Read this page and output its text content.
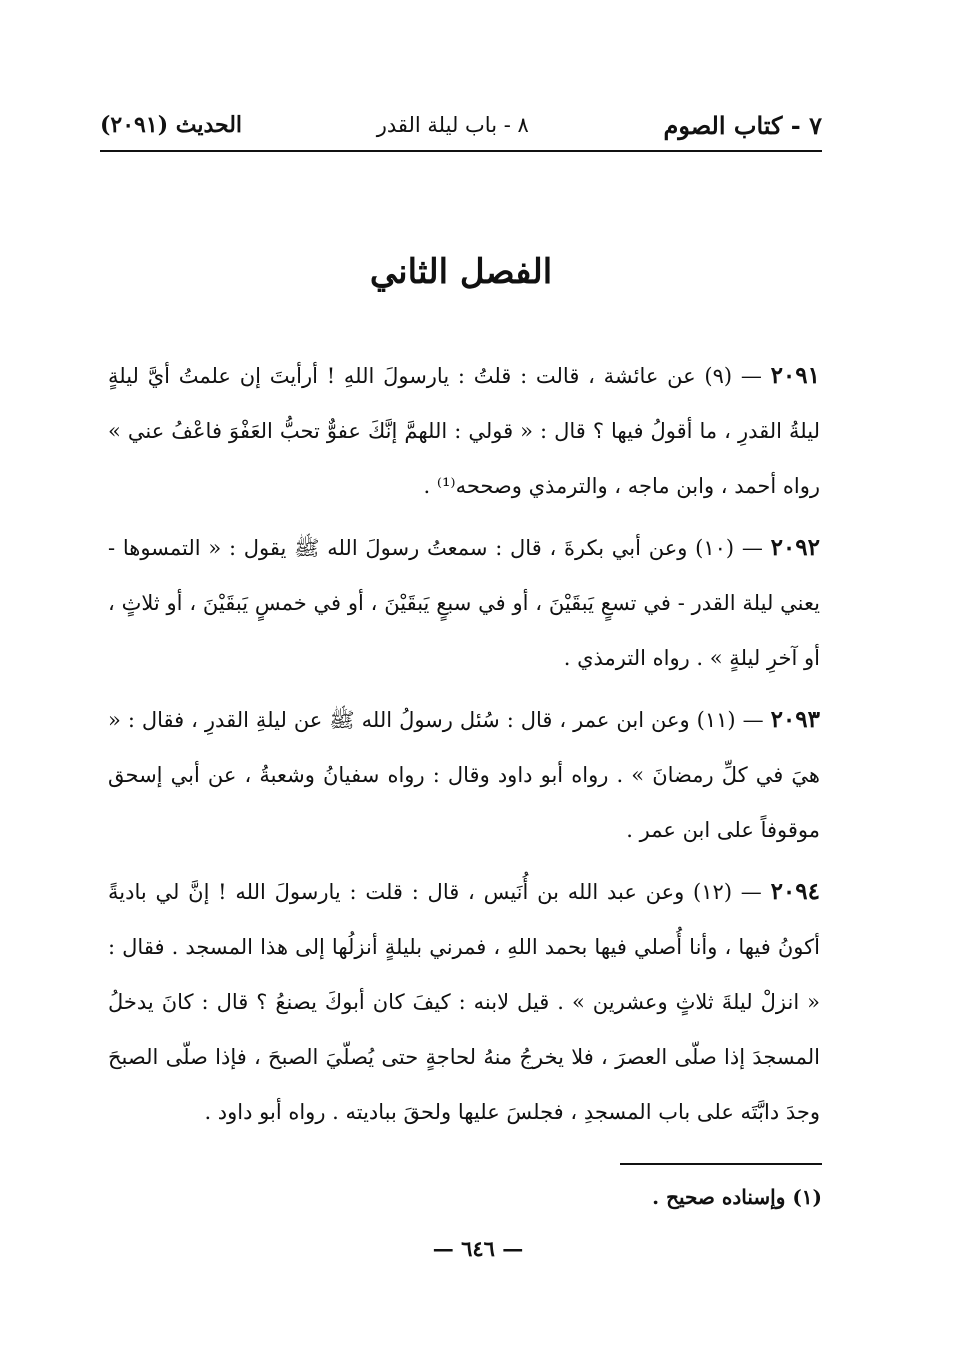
٧ - كتاب الصوم
٨ - باب ليلة القدر
الحديث (٢٠٩١)
الفصل الثاني

٢٠٩١ — (٩) عن عائشة ، قالت : قلتُ : يارسولَ اللهِ ! أرأيتَ إن علمتُ أيَّ ليلةٍ ليلةُ القدرِ ، ما أقولُ فيها ؟ قال : « قولي : اللهمَّ إنَّكَ عفوٌّ تحبُّ العَفْوَ فاعْفُ عني » رواه أحمد ، وابن ماجه ، والترمذي وصححه⁽¹⁾ .

٢٠٩٢ — (١٠) وعن أبي بكرةَ ، قال : سمعتُ رسولَ الله ﷺ يقول : « التمسوها - يعني ليلة القدر - في تسعٍ يَبقَيْنَ ، أو في سبعٍ يَبقَيْنَ ، أو في خمسٍ يَبقَيْنَ ، أو ثلاثٍ ، أو آخرِ ليلةٍ » . رواه الترمذي .

٢٠٩٣ — (١١) وعن ابن عمر ، قال : سُئل رسولُ الله ﷺ عن ليلةِ القدرِ ، فقال : « هيَ في كلِّ رمضانَ » . رواه أبو داود وقال : رواه سفيانُ وشعبةُ ، عن أبي إسحق موقوفاً على ابن عمر .

٢٠٩٤ — (١٢) وعن عبد الله بن أُنَيس ، قال : قلت : يارسولَ الله ! إنَّ لي باديةً أكونُ فيها ، وأنا أُصلي فيها بحمد اللهِ ، فمرني بليلةٍ أنزلُها إلى هذا المسجد . فقال : « انزلْ ليلةَ ثلاثٍ وعشرين » . قيل لابنه : كيفَ كان أبوكَ يصنعُ ؟ قال : كانَ يدخلُ المسجدَ إذا صلّى العصرَ ، فلا يخرجُ منهُ لحاجةٍ حتى يُصلّيَ الصبحَ ، فإذا صلّى الصبحَ وجدَ دابَّتَه على باب المسجدِ ، فجلسَ عليها ولحقَ بباديته . رواه أبو داود .

(١) وإسناده صحيح .
— ٦٤٦ —
